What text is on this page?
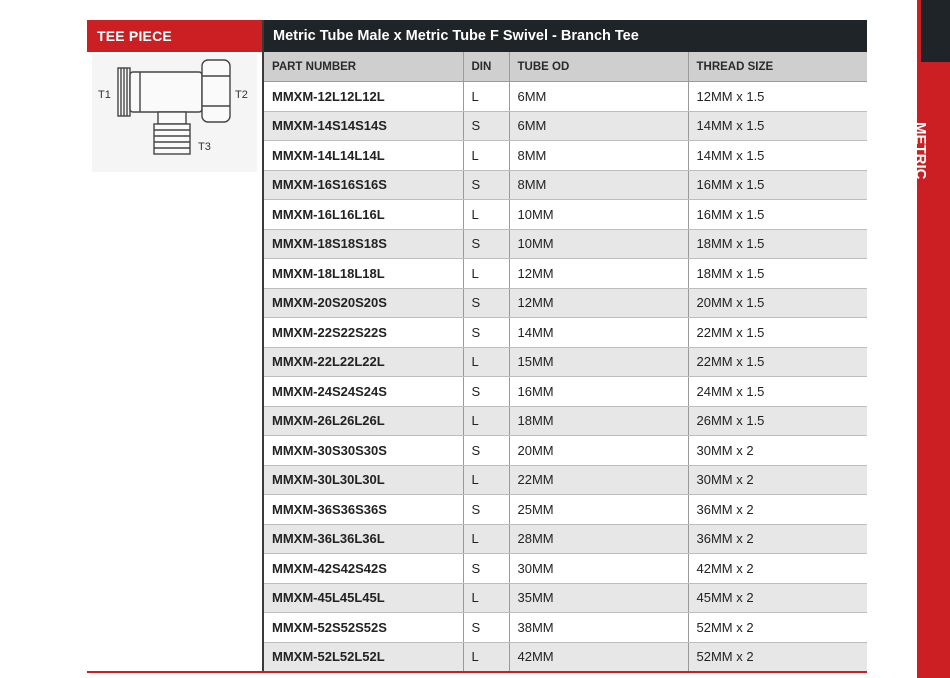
TEE PIECE
T1	T2
T3
Metric Tube Male x Metric Tube F Swivel - Branch Tee
PART NUMBER	DIN	TUBE OD	THREAD SIZE
MMXM-12L12L12L	L	6MM	12MM x 1.5
MMXM-14S14S14S	S	6MM	14MM x 1.5
MMXM-14L14L14L	L	8MM	14MM x 1.5
MMXM-16S16S16S	S	8MM	16MM x 1.5
MMXM-16L16L16L	L	10MM	16MM x 1.5
MMXM-18S18S18S	S	10MM	18MM x 1.5
MMXM-18L18L18L	L	12MM	18MM x 1.5
MMXM-20S20S20S	S	12MM	20MM x 1.5
MMXM-22S22S22S	S	14MM	22MM x 1.5
MMXM-22L22L22L	L	15MM	22MM x 1.5
MMXM-24S24S24S	S	16MM	24MM x 1.5
MMXM-26L26L26L	L	18MM	26MM x 1.5
MMXM-30S30S30S	S	20MM	30MM x 2
MMXM-30L30L30L	L	22MM	30MM x 2
MMXM-36S36S36S	S	25MM	36MM x 2
MMXM-36L36L36L	L	28MM	36MM x 2
MMXM-42S42S42S	S	30MM	42MM x 2
MMXM-45L45L45L	L	35MM	45MM x 2
MMXM-52S52S52S	S	38MM	52MM x 2
MMXM-52L52L52L	L	42MM	52MM x 2
METRIC
